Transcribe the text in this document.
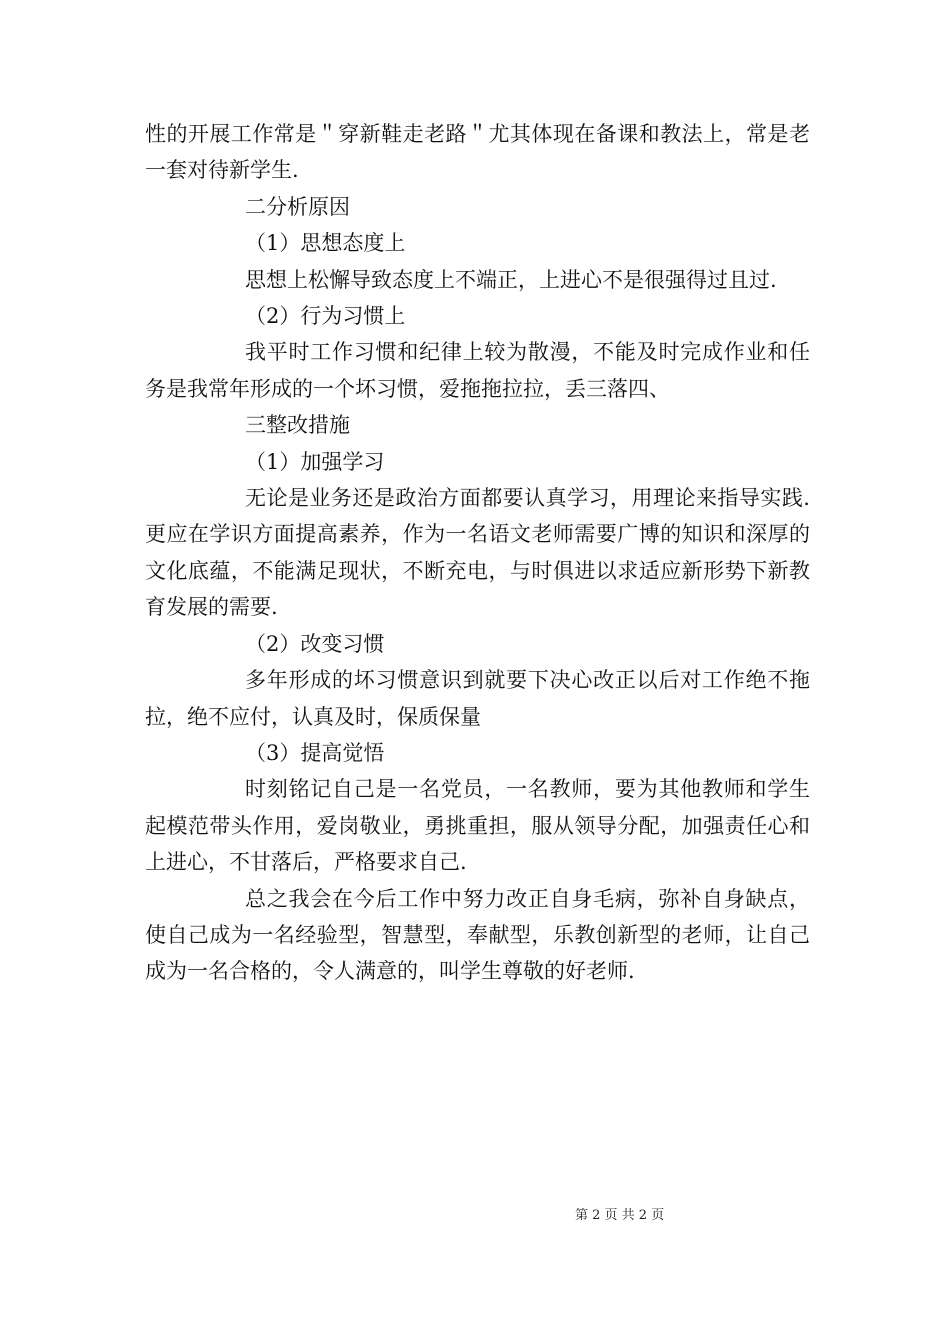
性的开展工作常是＂穿新鞋走老路＂尤其体现在备课和教法上，常是老一套对待新学生.

二分析原因

（1）思想态度上

思想上松懈导致态度上不端正，上进心不是很强得过且过.

（2）行为习惯上

我平时工作习惯和纪律上较为散漫，不能及时完成作业和任务是我常年形成的一个坏习惯，爱拖拖拉拉，丢三落四、

三整改措施

（1）加强学习

无论是业务还是政治方面都要认真学习，用理论来指导实践.更应在学识方面提高素养，作为一名语文老师需要广博的知识和深厚的文化底蕴，不能满足现状，不断充电，与时俱进以求适应新形势下新教育发展的需要.

（2）改变习惯

多年形成的坏习惯意识到就要下决心改正以后对工作绝不拖拉，绝不应付，认真及时，保质保量

（3）提高觉悟

时刻铭记自己是一名党员，一名教师，要为其他教师和学生起模范带头作用，爱岗敬业，勇挑重担，服从领导分配，加强责任心和上进心，不甘落后，严格要求自己.

总之我会在今后工作中努力改正自身毛病，弥补自身缺点，使自己成为一名经验型，智慧型，奉献型，乐教创新型的老师，让自己成为一名合格的，令人满意的，叫学生尊敬的好老师.

第 2 页 共 2 页
